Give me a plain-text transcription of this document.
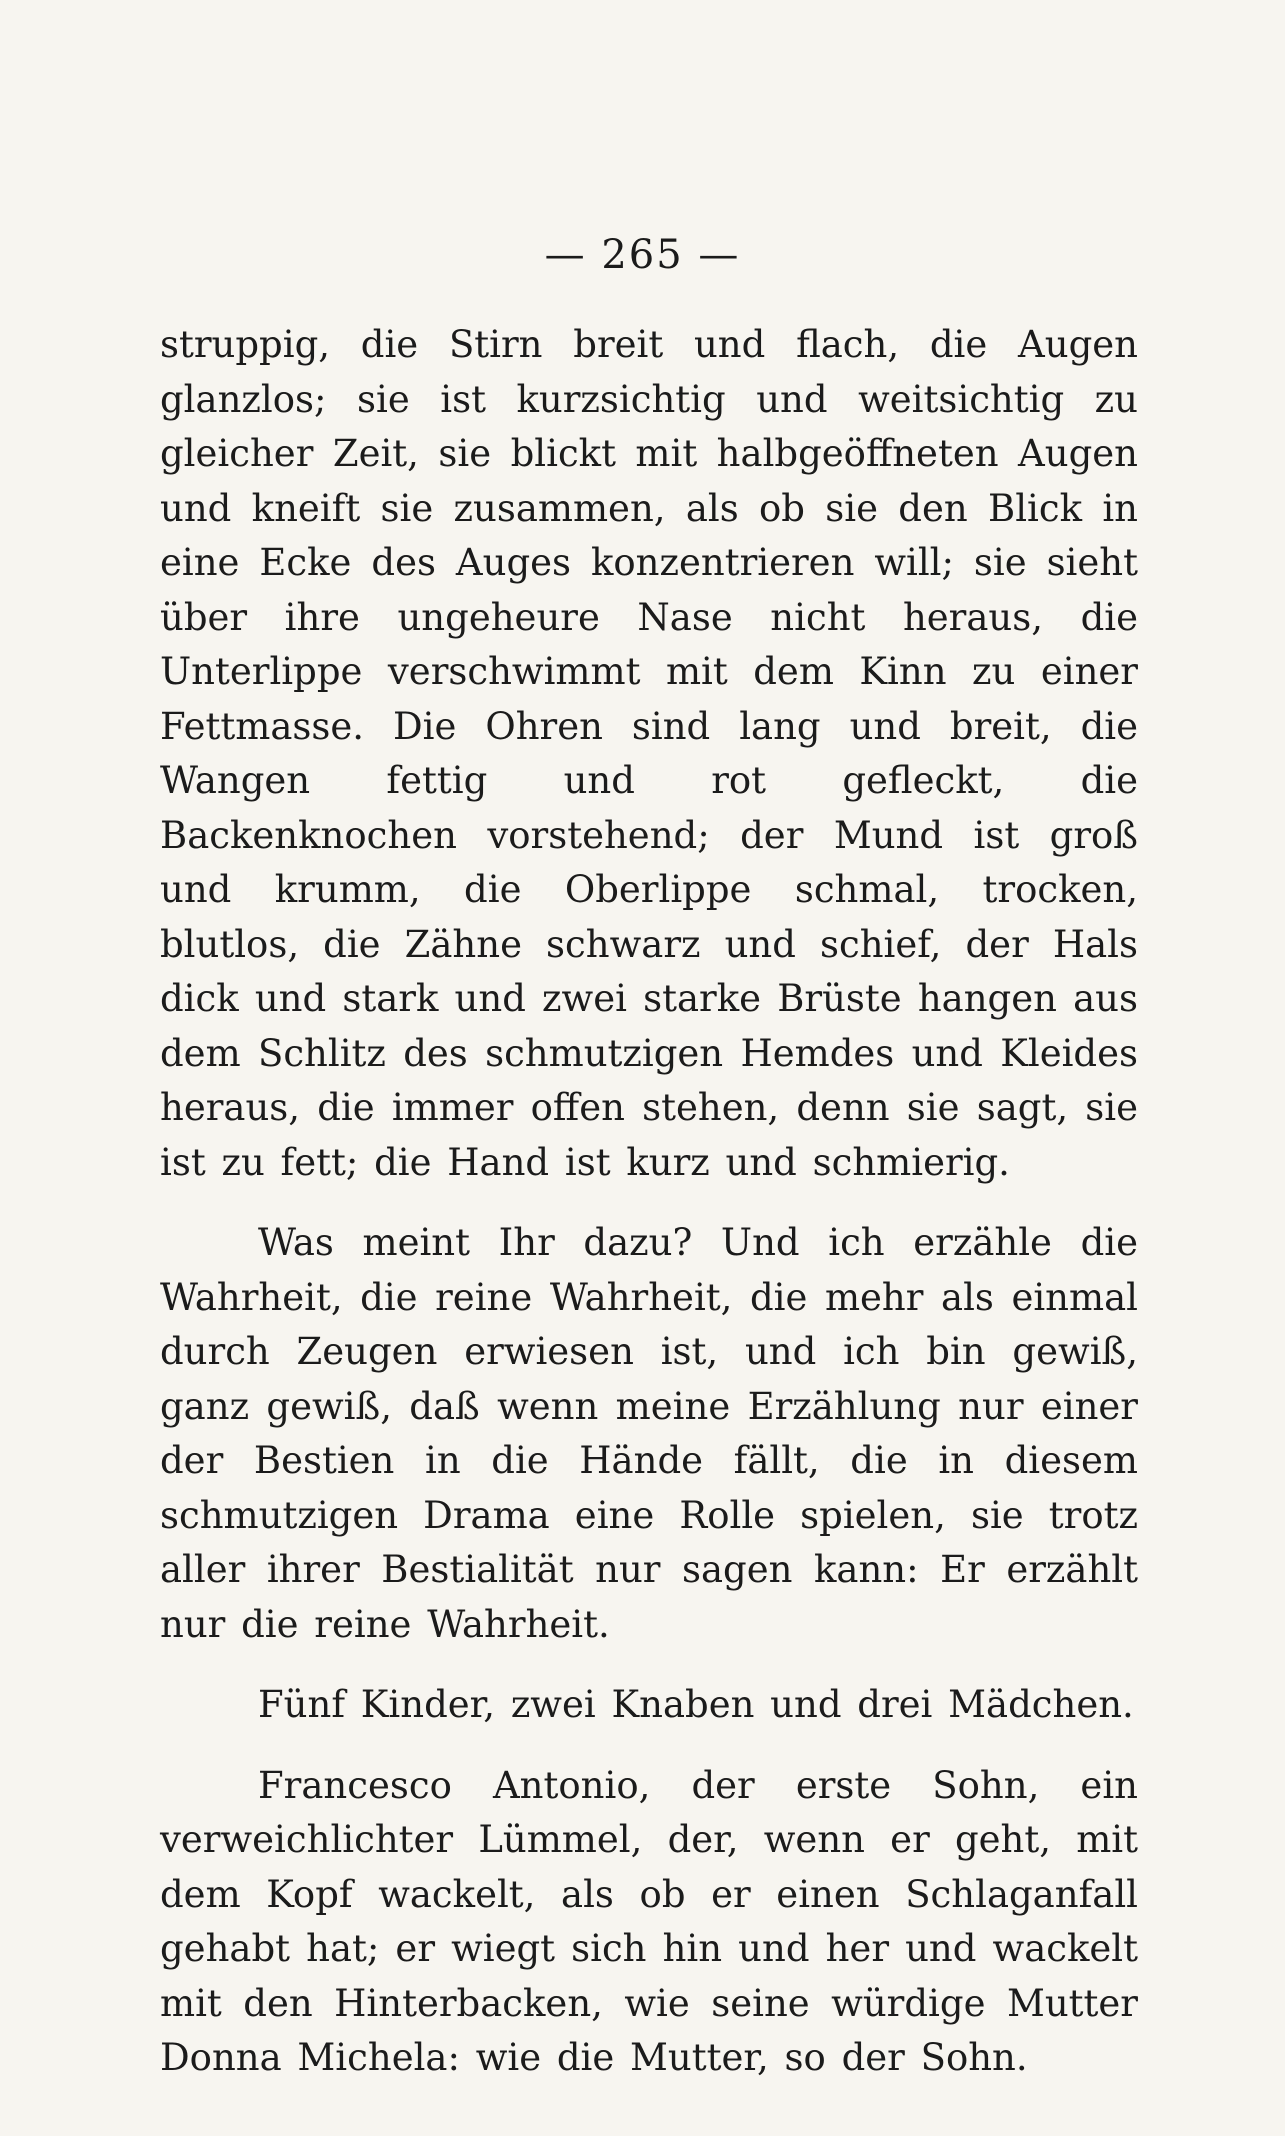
— 265 —

struppig, die Stirn breit und flach, die Augen glanzlos; sie ist kurzsichtig und weitsichtig zu gleicher Zeit, sie blickt mit halbgeöffneten Augen und kneift sie zusammen, als ob sie den Blick in eine Ecke des Auges konzentrieren will; sie sieht über ihre ungeheure Nase nicht heraus, die Unterlippe verschwimmt mit dem Kinn zu einer Fettmasse. Die Ohren sind lang und breit, die Wangen fettig und rot gefleckt, die Backenknochen vorstehend; der Mund ist groß und krumm, die Oberlippe schmal, trocken, blutlos, die Zähne schwarz und schief, der Hals dick und stark und zwei starke Brüste hangen aus dem Schlitz des schmutzigen Hemdes und Kleides heraus, die immer offen stehen, denn sie sagt, sie ist zu fett; die Hand ist kurz und schmierig.

Was meint Ihr dazu? Und ich erzähle die Wahrheit, die reine Wahrheit, die mehr als einmal durch Zeugen erwiesen ist, und ich bin gewiß, ganz gewiß, daß wenn meine Erzählung nur einer der Bestien in die Hände fällt, die in diesem schmutzigen Drama eine Rolle spielen, sie trotz aller ihrer Bestialität nur sagen kann: Er erzählt nur die reine Wahrheit.

Fünf Kinder, zwei Knaben und drei Mädchen.

Francesco Antonio, der erste Sohn, ein verweichlichter Lümmel, der, wenn er geht, mit dem Kopf wackelt, als ob er einen Schlaganfall gehabt hat; er wiegt sich hin und her und wackelt mit den Hinterbacken, wie seine würdige Mutter Donna Michela: wie die Mutter, so der Sohn.
